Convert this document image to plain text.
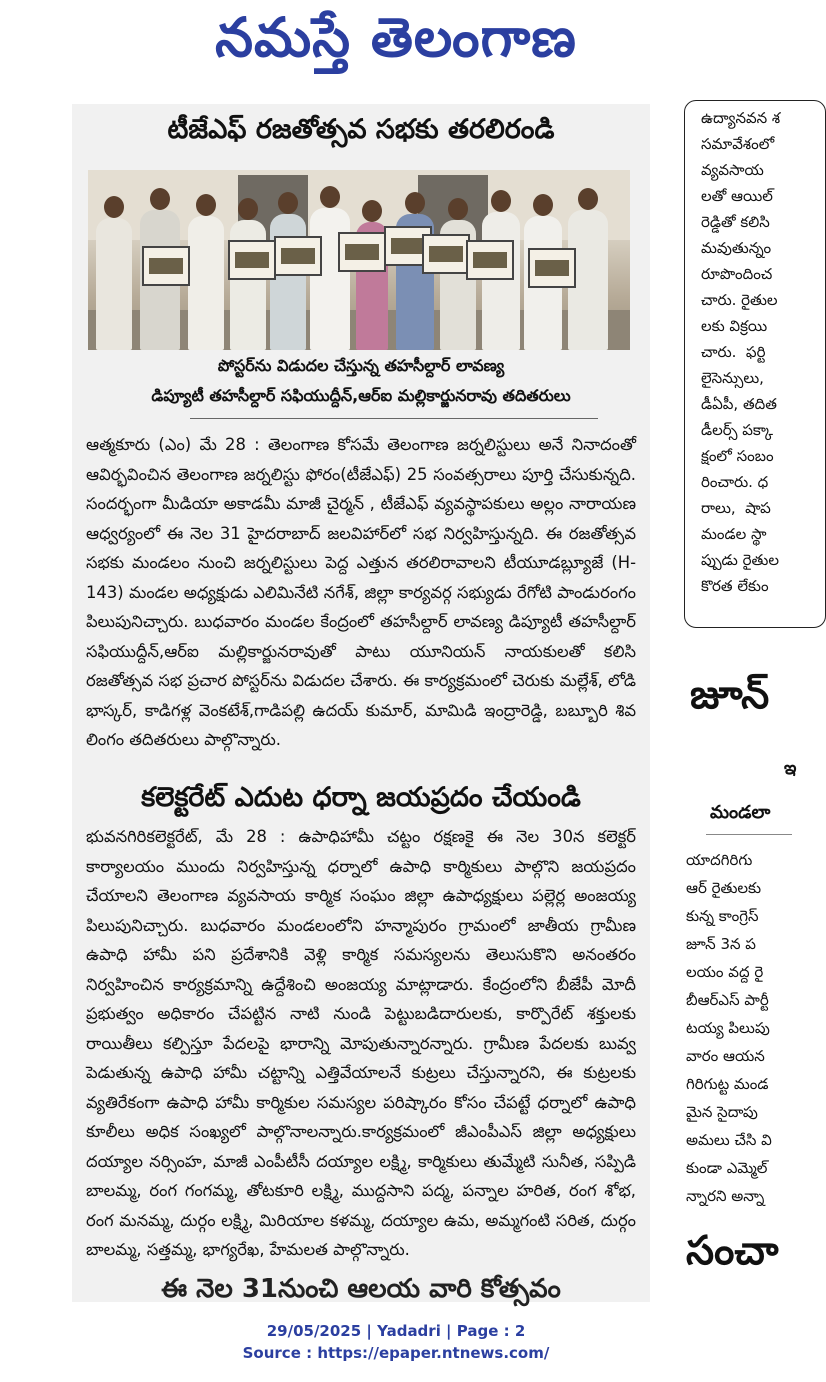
నమస్తే తెలంగాణ
టీజేఎఫ్ రజతోత్సవ సభకు తరలిరండి
పోస్టర్‌ను విడుదల చేస్తున్న తహసీల్దార్ లావణ్య
డిప్యూటీ తహసీల్దార్ సఫియుద్దీన్,ఆర్ఐ మల్లికార్జునరావు తదితరులు
ఆత్మకూరు (ఎం) మే 28 : తెలంగాణ కోసమే తెలంగాణ జర్నలిస్టులు అనే నినాదంతో ఆవిర్భవించిన తెలంగాణ జర్నలిస్టు ఫోరం(టీజేఎఫ్) 25 సంవత్సరాలు పూర్తి చేసుకున్నది. సందర్భంగా మీడియా అకాడమీ మాజీ చైర్మన్ , టీజేఎఫ్ వ్యవస్థాపకులు అల్లం నారాయణ ఆధ్వర్యంలో ఈ నెల 31 హైదరాబాద్ జలవిహార్‌లో సభ నిర్వహిస్తున్నది. ఈ రజతోత్సవ సభకు మండలం నుంచి జర్నలిస్టులు పెద్ద ఎత్తున తరలిరావాలని టీయూడబ్ల్యూజే (H-143) మండల అధ్యక్షుడు ఎలిమినేటి నగేశ్, జిల్లా కార్యవర్గ సభ్యుడు రేగోటి పాండురంగం పిలుపునిచ్చారు. బుధవారం మండల కేంద్రంలో తహసీల్దార్ లావణ్య డిప్యూటీ తహసీల్దార్ సఫియుద్దీన్,ఆర్ఐ మల్లికార్జునరావుతో పాటు యూనియన్ నాయకులతో కలిసి రజతోత్సవ సభ ప్రచార పోస్టర్‌ను విడుదల చేశారు. ఈ కార్యక్రమంలో చెరుకు మల్లేశ్, లోడి భాస్కర్, కాడిగళ్ల వెంకటేశ్,గాడిపల్లి ఉదయ్ కుమార్, మామిడి ఇంద్రారెడ్డి, బబ్బూరి శివ లింగం తదితరులు పాల్గొన్నారు.
కలెక్టరేట్ ఎదుట ధర్నా జయప్రదం చేయండి
భువనగిరికలెక్టరేట్, మే 28 : ఉపాధిహామీ చట్టం రక్షణకై ఈ నెల 30న కలెక్టర్ కార్యాలయం ముందు నిర్వహిస్తున్న ధర్నాలో ఉపాధి కార్మికులు పాల్గొని జయప్రదం చేయాలని తెలంగాణ వ్యవసాయ కార్మిక సంఘం జిల్లా ఉపాధ్యక్షులు పల్లెర్ల అంజయ్య పిలుపునిచ్చారు. బుధవారం మండలంలోని హన్మాపురం గ్రామంలో జాతీయ గ్రామీణ ఉపాధి హామీ పని ప్రదేశానికి వెళ్లి కార్మిక సమస్యలను తెలుసుకొని అనంతరం నిర్వహించిన కార్యక్రమాన్ని ఉద్దేశించి అంజయ్య మాట్లాడారు. కేంద్రంలోని బీజేపీ మోదీ ప్రభుత్వం అధికారం చేపట్టిన నాటి నుండి పెట్టుబడిదారులకు, కార్పొరేట్ శక్తులకు రాయితీలు కల్పిస్తూ పేదలపై భారాన్ని మోపుతున్నారన్నారు. గ్రామీణ పేదలకు బువ్వ పెడుతున్న ఉపాధి హామీ చట్టాన్ని ఎత్తివేయాలనే కుట్రలు చేస్తున్నారని, ఈ కుట్రలకు వ్యతిరేకంగా ఉపాధి హామీ కార్మికుల సమస్యల పరిష్కారం కోసం చేపట్టే ధర్నాలో ఉపాధి కూలీలు అధిక సంఖ్యలో పాల్గొనాలన్నారు.కార్యక్రమంలో జీఎంపీఎస్ జిల్లా అధ్యక్షులు దయ్యాల నర్సింహ, మాజీ ఎంపీటీసీ దయ్యాల లక్ష్మి, కార్మికులు తుమ్మేటి సునీత, సప్పిడి బాలమ్మ, రంగ గంగమ్మ, తోటకూరి లక్ష్మి, ముద్దసాని పద్మ, పన్నాల హరిత, రంగ శోభ, రంగ మనమ్మ, దుర్గం లక్ష్మి, మిరియాల కళమ్మ, దయ్యాల ఉమ, అమ్మగంటి సరిత, దుర్గం బాలమ్మ, సత్తమ్మ, భాగ్యరేఖ, హేమలత పాల్గొన్నారు.
ఈ నెల 31నుంచి ఆలయ వారి కోత్సవం
ఉద్యానవన శ
సమావేశంలో
వ్యవసాయ
లతో ఆయిల్
రెడ్డితో కలిసి
మవుతున్నం
రూపొందించ
చారు. రైతుల
లకు విక్రయి
చారు.  ఫర్టి
లైసెన్సులు,
డీఏపీ, తదిత
డీలర్స్ పక్కా
క్షంలో సంబం
రించారు. ధ
రాలు,  షాప
మండల స్థా
ప్పుడు రైతుల
కొరత లేకుం
జూన్
ఇ
మండలా
యాదగిరిగు
ఆర్ రైతులకు
కున్న కాంగ్రెస్
జూన్ 3న ప
లయం వద్ద రై
బీఆర్ఎస్ పార్టీ
టయ్య పిలుపు
వారం ఆయన
గిరిగుట్ట మండ
మైన సైదాపు
అమలు చేసి వి
కుండా ఎమ్మెల్
న్నారని అన్నా
సంచా
29/05/2025 | Yadadri | Page : 2
Source : https://epaper.ntnews.com/
